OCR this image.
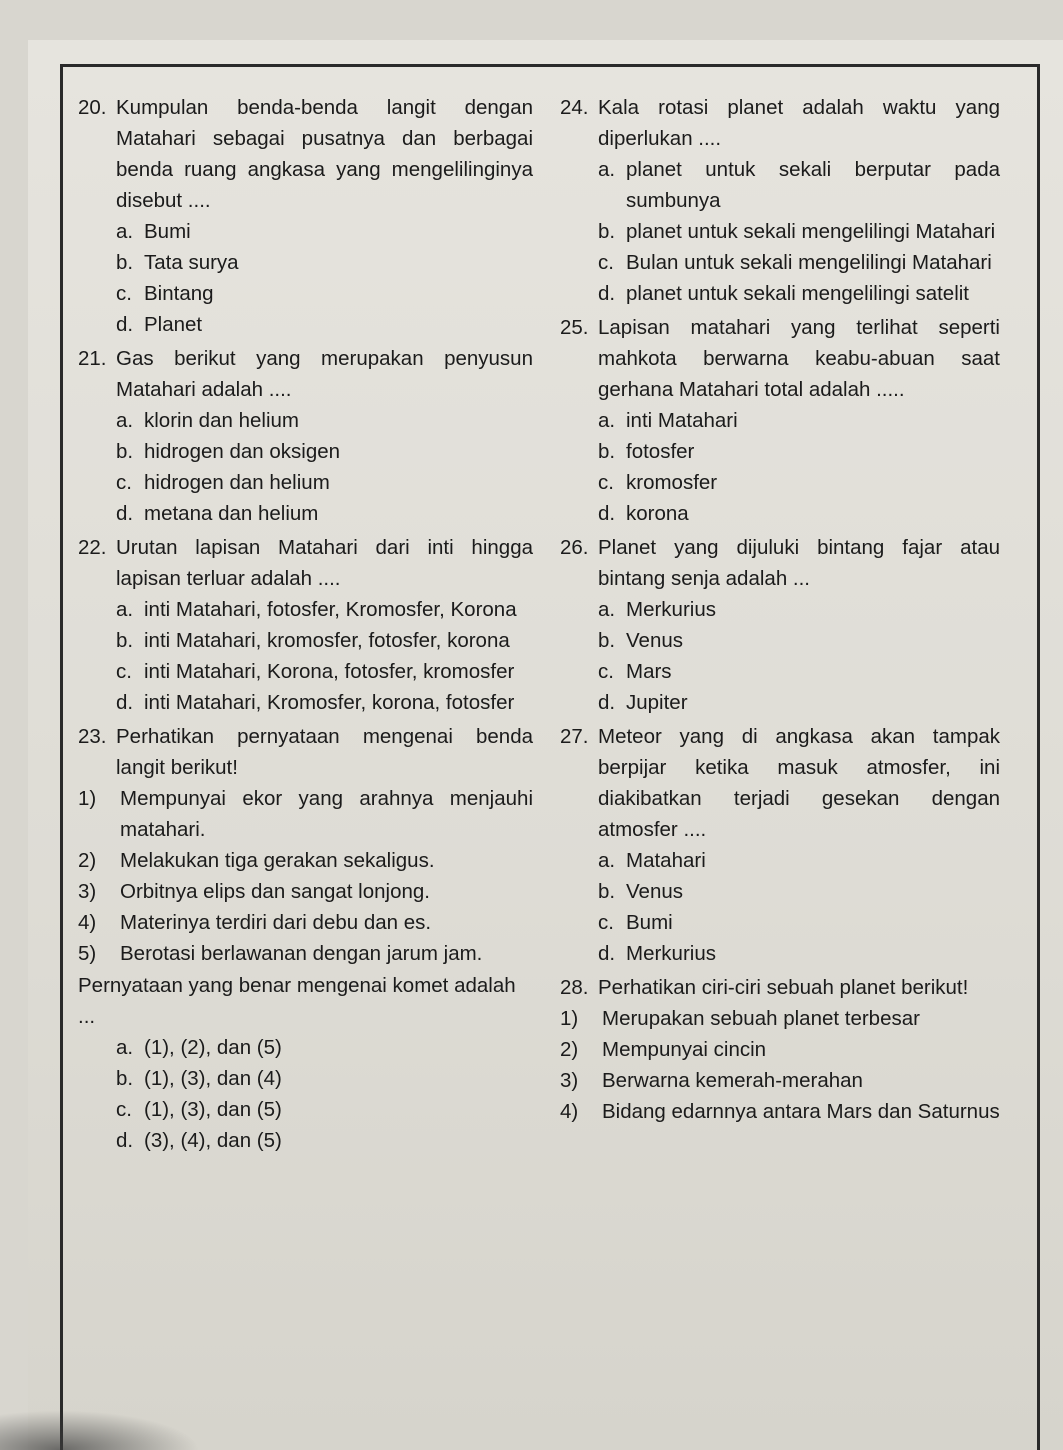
20. Kumpulan benda-benda langit dengan Matahari sebagai pusatnya dan berbagai benda ruang angkasa yang mengelilinginya disebut ....
a. Bumi
b. Tata surya
c. Bintang
d. Planet
21. Gas berikut yang merupakan penyusun Matahari adalah ....
a. klorin dan helium
b. hidrogen dan oksigen
c. hidrogen dan helium
d. metana dan helium
22. Urutan lapisan Matahari dari inti hingga lapisan terluar adalah ....
a. inti Matahari, fotosfer, Kromosfer, Korona
b. inti Matahari, kromosfer, fotosfer, korona
c. inti Matahari, Korona, fotosfer, kromosfer
d. inti Matahari, Kromosfer, korona, fotosfer
23. Perhatikan pernyataan mengenai benda langit berikut!
1)	Mempunyai ekor yang arahnya menjauhi matahari.
2)	Melakukan tiga gerakan sekaligus.
3)	Orbitnya elips dan sangat lonjong.
4)	Materinya terdiri dari debu dan es.
5)	Berotasi berlawanan dengan jarum jam.
Pernyataan yang benar mengenai komet adalah ...
a. (1), (2), dan (5)
b. (1), (3), dan (4)
c. (1), (3), dan (5)
d. (3), (4), dan (5)
24. Kala rotasi planet adalah waktu yang diperlukan ....
a. planet untuk sekali berputar pada sumbunya
b. planet untuk sekali mengelilingi Matahari
c. Bulan untuk sekali mengelilingi Matahari
d. planet untuk sekali mengelilingi satelit
25. Lapisan matahari yang terlihat seperti mahkota berwarna keabu-abuan saat gerhana Matahari total adalah .....
a. inti Matahari
b. fotosfer
c. kromosfer
d. korona
26. Planet yang dijuluki bintang fajar atau bintang senja adalah ...
a. Merkurius
b. Venus
c. Mars
d. Jupiter
27. Meteor yang di angkasa akan tampak berpijar ketika masuk atmosfer, ini diakibatkan terjadi gesekan dengan atmosfer ....
a. Matahari
b. Venus
c. Bumi
d. Merkurius
28. Perhatikan ciri-ciri sebuah planet berikut!
1)	Merupakan sebuah planet terbesar
2)	Mempunyai cincin
3)	Berwarna kemerah-merahan
4)	Bidang edarnnya antara Mars dan Saturnus
